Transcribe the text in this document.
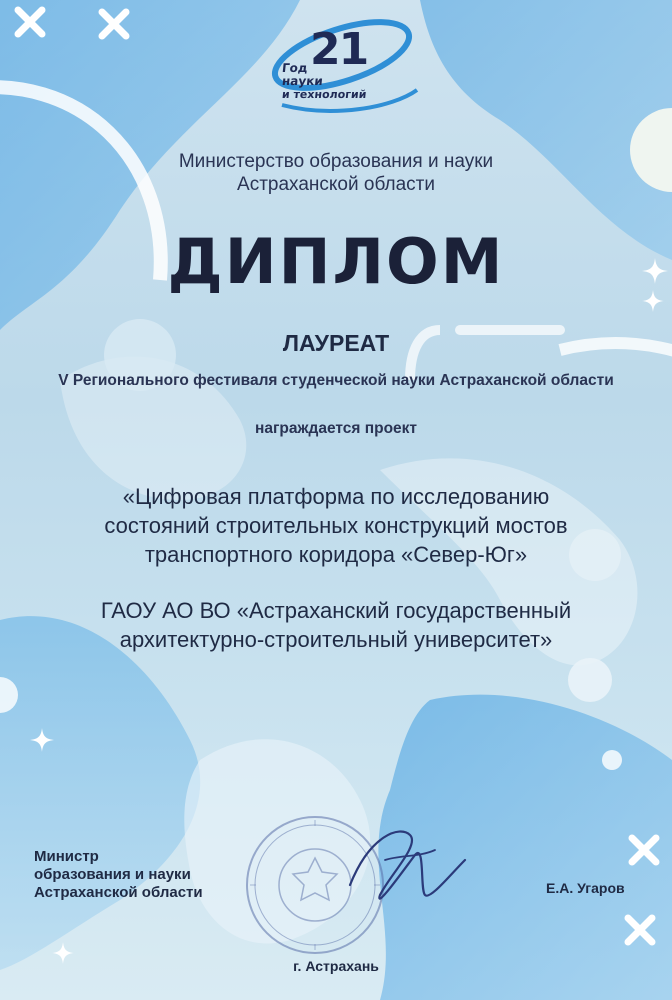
21
Год
науки
и технологий
Министерство образования и науки
Астраханской области
ДИПЛОМ
ЛАУРЕАТ
V Регионального фестиваля студенческой науки Астраханской области
награждается проект
«Цифровая платформа по исследованию
состояний строительных конструкций мостов
транспортного коридора «Север-Юг»
ГАОУ АО ВО «Астраханский государственный
архитектурно-строительный университет»
Министр
образования и науки
Астраханской области	Е.А. Угаров
г. Астрахань
